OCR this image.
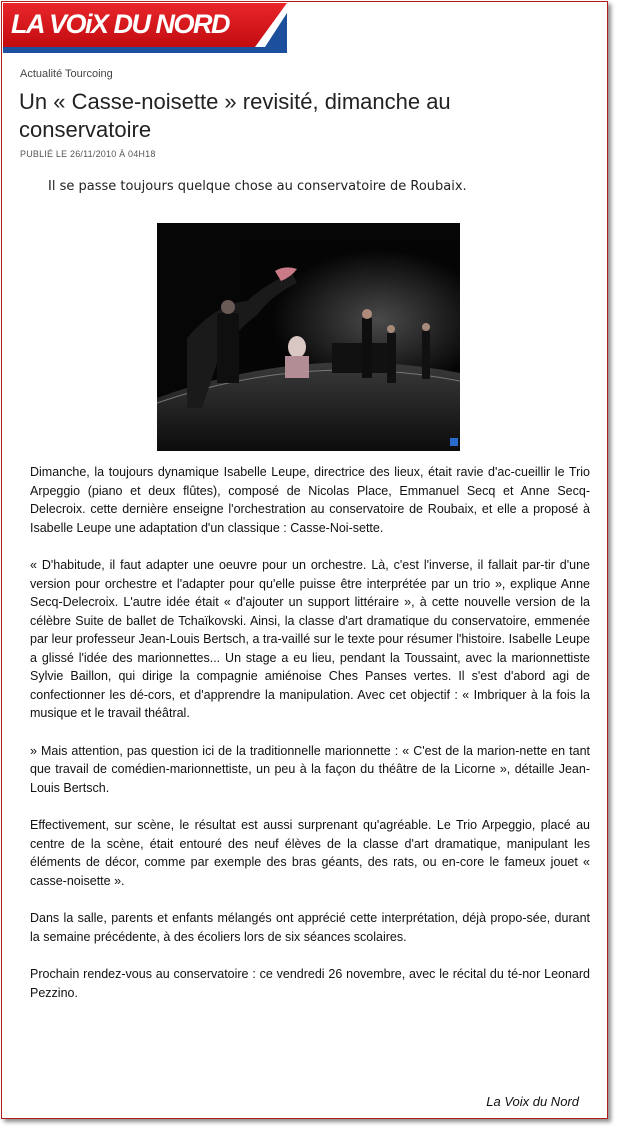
LA VOiX DU NORD
Actualité Tourcoing
Un « Casse-noisette » revisité, dimanche au conservatoire
PUBLIÉ LE 26/11/2010 À 04H18
Il se passe toujours quelque chose au conservatoire de Roubaix.

Dimanche, la toujours dynamique Isabelle Leupe, directrice des lieux, était ravie d'ac-cueillir le Trio Arpeggio (piano et deux flûtes), composé de Nicolas Place, Emmanuel Secq et Anne Secq-Delecroix. cette dernière enseigne l'orchestration au conservatoire de Roubaix, et elle a proposé à Isabelle Leupe une adaptation d'un classique : Casse-Noi-sette.

« D'habitude, il faut adapter une oeuvre pour un orchestre. Là, c'est l'inverse, il fallait par-tir d'une version pour orchestre et l'adapter pour qu'elle puisse être interprétée par un trio », explique Anne Secq-Delecroix. L'autre idée était « d'ajouter un support littéraire », à cette nouvelle version de la célèbre Suite de ballet de Tchaïkovski. Ainsi, la classe d'art dramatique du conservatoire, emmenée par leur professeur Jean-Louis Bertsch, a tra-vaillé sur le texte pour résumer l'histoire. Isabelle Leupe a glissé l'idée des marionnettes... Un stage a eu lieu, pendant la Toussaint, avec la marionnettiste Sylvie Baillon, qui dirige la compagnie amiénoise Ches Panses vertes. Il s'est d'abord agi de confectionner les dé-cors, et d'apprendre la manipulation. Avec cet objectif : « Imbriquer à la fois la musique et le travail théâtral.

» Mais attention, pas question ici de la traditionnelle marionnette : « C'est de la marion-nette en tant que travail de comédien-marionnettiste, un peu à la façon du théâtre de la Licorne », détaille Jean-Louis Bertsch.

Effectivement, sur scène, le résultat est aussi surprenant qu'agréable. Le Trio Arpeggio, placé au centre de la scène, était entouré des neuf élèves de la classe d'art dramatique, manipulant les éléments de décor, comme par exemple des bras géants, des rats, ou en-core le fameux jouet « casse-noisette ».

Dans la salle, parents et enfants mélangés ont apprécié cette interprétation, déjà propo-sée, durant la semaine précédente, à des écoliers lors de six séances scolaires.

Prochain rendez-vous au conservatoire : ce vendredi 26 novembre, avec le récital du té-nor Leonard Pezzino.

La Voix du Nord
